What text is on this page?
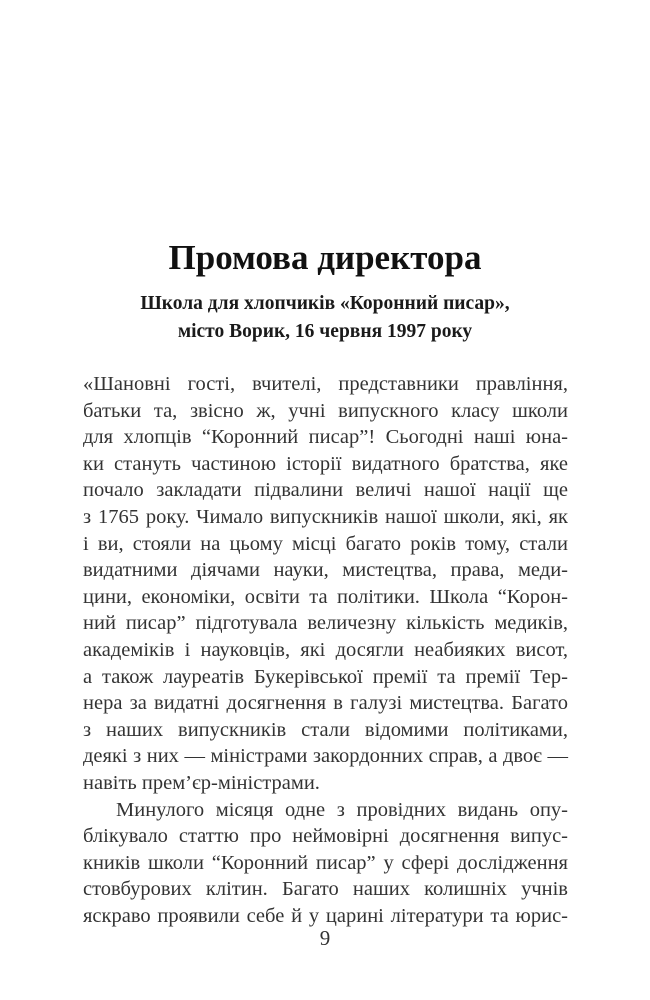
Промова директора
Школа для хлопчиків «Коронний писар»,
місто Ворик, 16 червня 1997 року
«Шановні гості, вчителі, представники правління,
батьки та, звісно ж, учні випускного класу школи
для хлопців “Коронний писар”! Сьогодні наші юна-
ки стануть частиною історії видатного братства, яке
почало закладати підвалини величі нашої нації ще
з 1765 року. Чимало випускників нашої школи, які, як
і ви, стояли на цьому місці багато років тому, стали
видатними діячами науки, мистецтва, права, меди-
цини, економіки, освіти та політики. Школа “Корон-
ний писар” підготувала величезну кількість медиків,
академіків і науковців, які досягли неабияких висот,
а також лауреатів Букерівської премії та премії Тер-
нера за видатні досягнення в галузі мистецтва. Багато
з наших випускників стали відомими політиками,
деякі з них — міністрами закордонних справ, а двоє —
навіть прем’єр-міністрами.
Минулого місяця одне з провідних видань опу-
блікувало статтю про неймовірні досягнення випус-
кників школи “Коронний писар” у сфері дослідження
стовбурових клітин. Багато наших колишніх учнів
яскраво проявили себе й у царині літератури та юрис-
9
